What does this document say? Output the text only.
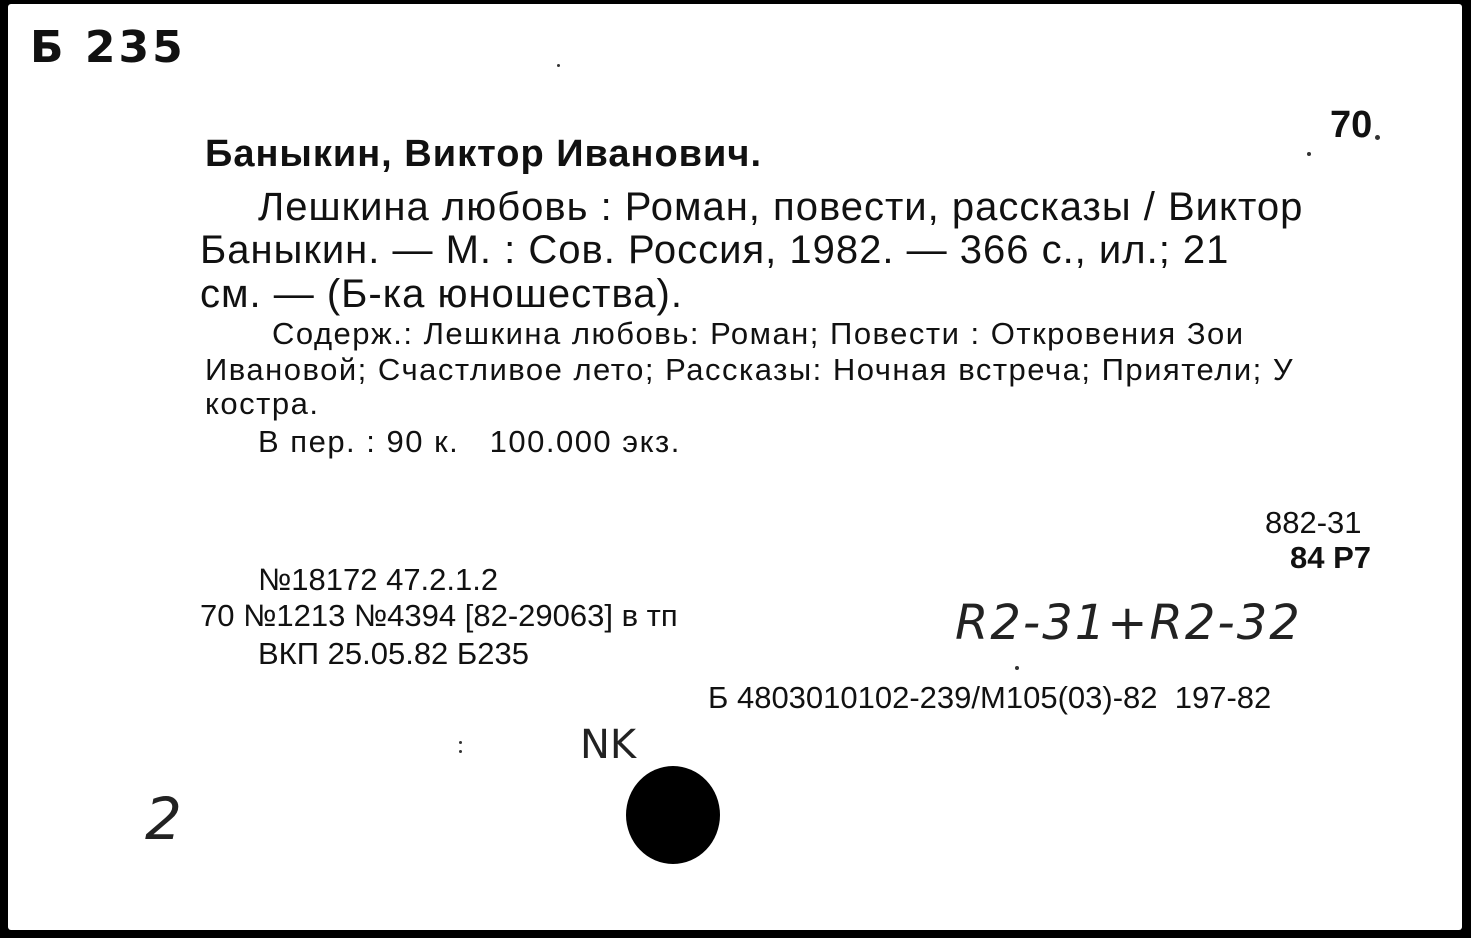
Б 235
70
Баныкин, Виктор Иванович.
Лешкина любовь : Роман, повести, рассказы / Виктор
Баныкин. — М. : Сов. Россия, 1982. — 366 с., ил.; 21
см. — (Б-ка юношества).
Содерж.: Лешкина любовь: Роман; Повести : Откровения Зои
Ивановой; Счастливое лето; Рассказы: Ночная встреча; Приятели; У
костра.
В пер. : 90 к.   100.000 экз.
882-31
84 Р7
№18172 47.2.1.2
70 №1213 №4394 [82-29063] в тп
ВКП 25.05.82 Б235
Б 4803010102-239/М105(03)-82  197-82
R2-31+R2-32
NK
2
